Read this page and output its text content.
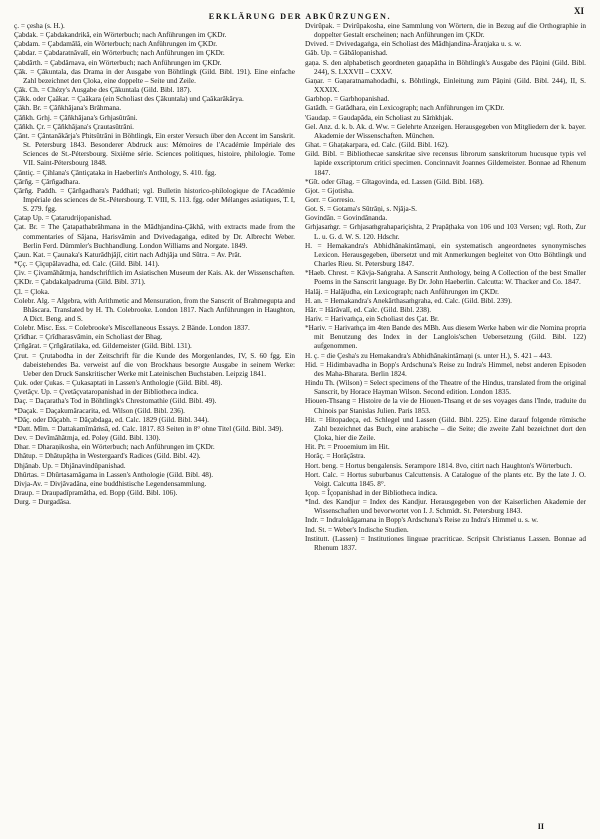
ERKLÄRUNG DER ABKÜRZUNGEN.
XI

ç. = çesha (s. H.).

Çabdak. = Çabdakandrikâ, ein Wörterbuch; nach Anführungen im ÇKDr.

Çabdam. = Çabdamâlâ, ein Wörterbuch; nach Anführungen im ÇKDr.

Çabdar. = Çabdaratnâvalî, ein Wörterbuch; nach Anführungen im ÇKDr.

Çabdârth. = Çabdârnava, ein Wörterbuch; nach Anführungen im ÇKDr.

Çâk. = Çâkuntala, das Drama in der Ausgabe von Böhtlingk (Gild. Bibl. 191). Eine einfache Zahl bezeichnet den Çloka, eine doppelte – Seite und Zeile.

Çâk. Ch. = Chézy's Ausgabe des Çâkuntala (Gild. Bibl. 187).

Çâkk. oder Çaâkar. = Çaâkara (ein Scholiast des Çâkuntala) und Çaâkarâkârya.

Çâkh. Br. = Çâñkhâjana's Brâhmana.

Çâñkh. Grhj. = Çâñkhâjana's Grhjasûtrâni.

Çâñkh. Çr. = Çâñkhâjana's Çrautasûtrâni.

Çânt. = Çântanâkârja's Phitsûtrâni in Böhtlingk, Ein erster Versuch über den Accent im Sanskrit. St. Petersburg 1843. Besonderer Abdruck aus: Mémoires de l'Académie Impériale des Sciences de St.-Pétersbourg. Sixième série. Sciences politiques, histoire, philologie. Tome VII. Saint-Pétersbourg 1848.

Çântiç. = Çihlana's Çântiçataka in Haeberlin's Anthology, S. 410. fgg.

Çârñg. = Çârñgadhara.

Çârñg. Paddh. = Çârñgadhara's Paddhati; vgl. Bulletin historico-philologique de l'Académie Impériale des sciences de St.-Pétersbourg. T. VIII, S. 113. fgg. oder Mélanges asiatiques, T. I, S. 279. fgg.

Çatap Up. = Çatarudrijopanishad.

Çat. Br. = The Çatapathabrâhmana in the Mâdhjandina-Çâkhâ, with extracts made from the commentaries of Sâjana, Harisvâmin and Dvivedagaṅga, edited by Dr. Albrecht Weber. Berlin Ferd. Dümmler's Buchhandlung. London Williams and Norgate. 1849.

Çaun. Kat. = Çaunaka's Katurâdhjâjî, citirt nach Adhjâja und Sûtra. = Av. Prât.

*Çç. = Çiçupâlavadha, ed. Calc. (Gild. Bibl. 141).

Çiv. = Çivamâhâtmja, handschriftlich im Asiatischen Museum der Kais. Ak. der Wissenschaften.

ÇKDr. = Çabdakalpadruma (Gild. Bibl. 371).

Çl. = Çloka.

Colebr. Alg. = Algebra, with Arithmetic and Mensuration, from the Sanscrit of Brahmegupta and Bhâscara. Translated by H. Th. Colebrooke. London 1817. Nach Anführungen in Haughton, A Dict. Beng. and S.

Colebr. Misc. Ess. = Colebrooke's Miscellaneous Essays. 2 Bände. London 1837.

Çrîdhar. = Çrîdharasvâmin, ein Scholiast der Bhag.

Çrñgârat. = Çrñgâratilaka, ed. Gildemeister (Gild. Bibl. 131).

Çrut. = Çrutabodha in der Zeitschrift für die Kunde des Morgenlandes, IV, S. 60 fgg. Ein dabeistehendes Ba. verweist auf die von Brockhaus besorgte Ausgabe in seinem Werke: Ueber den Druck Sanskritischer Werke mit Lateinischen Buchstaben. Leipzig 1841.

Çuk. oder Çukas. = Çukasaptati in Lassen's Anthologie (Gild. Bibl. 48).

Çvetâçv. Up. = Çvetâçvataropanishad in der Bibliotheca indica.

Daç. = Daçaratha's Tod in Böhtlingk's Chrestomathie (Gild. Bibl. 49).

*Daçak. = Daçakumâracarita, ed. Wilson (Gild. Bibl. 236).

*Dâç. oder Dâçabh. = Dâçabdaga, ed. Calc. 1829 (Gild. Bibl. 344).

*Datt. Mîm. = Dattakamîmâṁsâ, ed. Calc. 1817. 83 Seiten in 8° ohne Titel (Gild. Bibl. 349).

Dev. = Devîmâhâtmja, ed. Poley (Gild. Bibl. 130).

Dhar. = Dharaṇikosha, ein Wörterbuch; nach Anführungen im ÇKDr.

Dhâtup. = Dhâtupâṭha in Westergaard's Radices (Gild. Bibl. 42).

Dhjânab. Up. = Dhjânavindûpanishad.

Dhûrtas. = Dhûrtasamâgama in Lassen's Anthologie (Gild. Bibl. 48).

Divja-Av. = Divjâvadâna, eine buddhistische Legendensammlung.

Draup. = Draupadîpramâtha, ed. Bopp (Gild. Bibl. 106).

Durg. = Durgadâsa.

Dvirûpak. = Dvirûpakosha, eine Sammlung von Wörtern, die in Bezug auf die Orthographie in doppelter Gestalt erscheinen; nach Anführungen im ÇKDr.

Dvived. = Dvivedagaṅga, ein Scholiast des Mâdhjandina-Âraṇjaka u. s. w.

Gâb. Up. = Gâbâlopanishad.

gaṇa. S. den alphabetisch geordneten gaṇapâtha in Böhtlingk's Ausgabe des Pâṇini (Gild. Bibl. 244), S. LXXVII – CXXV.

Gaṇar. = Gaṇaratnamahodadhi, s. Böhtlingk, Einleitung zum Pâṇini (Gild. Bibl. 244), II, S. XXXIX.

Garbhop. = Garbhopanishad.

Gatâdh. = Gatâdhara, ein Lexicograph; nach Anführungen im ÇKDr.

'Gaudap. = Gaudapâda, ein Scholiast zu Sâṁkhjak.

Gel. Anz. d. k. b. Ak. d. Ww. = Gelehrte Anzeigen. Herausgegeben von Mitgliedern der k. bayer. Akademie der Wissenschaften. München.

Ghat. = Ghaṭakarpara, ed. Calc. (Gild. Bibl. 162).

Gild. Bibl. = Bibliothecae sanskritae sive recensus librorum sanskritorum hucusque typis vel lapide exscriptorum critici specimen. Concinnavit Joannes Gildemeister. Bonnae ad Rhenum 1847.

*Gît. oder Gîtag. = Gîtagovinda, ed. Lassen (Gild. Bibl. 168).

Gjot. = Gjotisha.

Gorr. = Gorresio.

Got. S. = Gotama's Sûtrâṇi, s. Njâja-S.

Govindân. = Govindânanda.

Grhjasaṁgr. = Grhjasaṁgrahapariçishta, 2 Prapâṭhaka von 106 und 103 Versen; vgl. Roth, Zur L. u. G. d. W. S. 120. Hdschr.

H. = Hemakandra's Abhidhânakintâmaṇi, ein systematisch angeordnetes synonymisches Lexicon. Herausgegeben, übersetzt und mit Anmerkungen begleitet von Otto Böhtlingk und Charles Rieu. St. Petersburg 1847.

*Haeb. Chrest. = Kâvja-Saṅgraha. A Sanscrit Anthology, being A Collection of the best Smaller Poems in the Sanscrit language. By Dr. John Haeberlin. Calcutta: W. Thacker and Co. 1847.

Halâj. = Halâjudha, ein Lexicograph; nach Anführungen im ÇKDr.

H. an. = Hemakandra's Anekârthasaṁgraha, ed. Calc. (Gild. Bibl. 239).

Hâr. = Hârâvalî, ed. Calc. (Gild. Bibl. 238).

Hariv. = Harivaṁça, ein Scholiast des Çat. Br.

*Hariv. = Harivaṁça im 4ten Bande des MBh. Aus diesem Werke haben wir die Nomina propria mit Benutzung des Index in der Langlois'schen Uebersetzung (Gild. Bibl. 122) aufgenommen.

H. ç. = die Çesha's zu Hemakandra's Abhidhânakintâmaṇi (s. unter H.), S. 421 – 443.

Hid. = Hidimbavadha in Bopp's Ardschuna's Reise zu Indra's Himmel, nebst anderen Episoden des Maha-Bharata. Berlin 1824.

Hindu Th. (Wilson) = Select specimens of the Theatre of the Hindus, translated from the original Sanscrit, by Horace Hayman Wilson. Second edition. London 1835.

Hiouen-Thsang = Histoire de la vie de Hiouen-Thsang et de ses voyages dans l'Inde, traduite du Chinois par Stanislas Julien. Paris 1853.

Hit. = Hitopadeça, ed. Schlegel und Lassen (Gild. Bibl. 225). Eine darauf folgende römische Zahl bezeichnet das Buch, eine arabische – die Seite; die zweite Zahl bezeichnet dort den Çloka, hier die Zeile.

Hit. Pr. = Prooemium im Hit.

Horâç. = Horâçâstra.

Hort. beng. = Hortus bengalensis. Serampore 1814. 8vo, citirt nach Haughton's Wörterbuch.

Hort. Calc. = Hortus suburbanus Calcuttensis. A Catalogue of the plants etc. By the late J. O. Voigt. Calcutta 1845. 8°.

Içop. = Îçopanishad in der Bibliotheca indica.

*Ind. des Kandjur = Index des Kandjur. Herausgegeben von der Kaiserlichen Akademie der Wissenschaften und bevorwortet von I. J. Schmidt. St. Petersburg 1843.

Indr. = Indralokâgamana in Bopp's Ardschuna's Reise zu Indra's Himmel u. s. w.

Ind. St. = Weber's Indische Studien.

Institutt. (Lassen) = Institutiones linguae pracriticae. Scripsit Christianus Lassen. Bonnae ad Rhenum 1837.

II
